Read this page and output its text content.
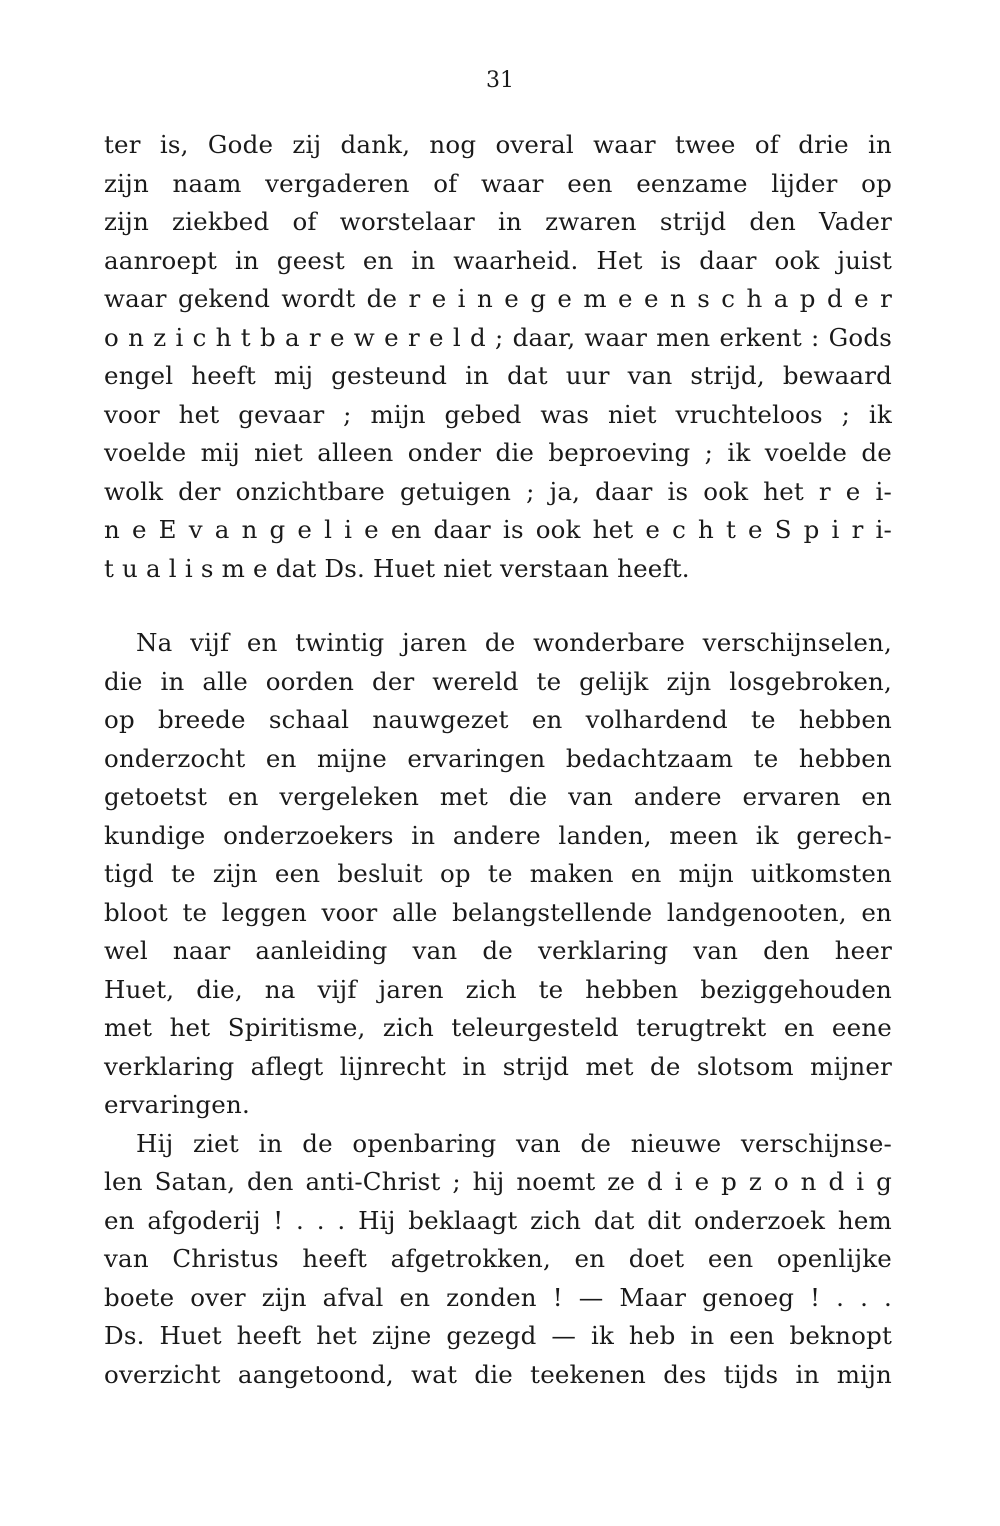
31
ter is, Gode zij dank, nog overal waar twee of drie in
zijn naam vergaderen of waar een eenzame lijder op
zijn ziekbed of worstelaar in zwaren strijd den Vader
aanroept in geest en in waarheid. Het is daar ook juist
waar gekend wordt de r e i n e g e m e e n s c h a p d e r
o n z i c h t b a r e w e r e l d ; daar, waar men erkent : Gods
engel heeft mij gesteund in dat uur van strijd, bewaard
voor het gevaar ; mijn gebed was niet vruchteloos ; ik
voelde mij niet alleen onder die beproeving ; ik voelde de
wolk der onzichtbare getuigen ; ja, daar is ook het r e i-
n e E v a n g e l i e en daar is ook het e c h t e S p i r i-
t u a l i s m e dat Ds. Huet niet verstaan heeft.
Na vijf en twintig jaren de wonderbare verschijnselen,
die in alle oorden der wereld te gelijk zijn losgebroken,
op breede schaal nauwgezet en volhardend te hebben
onderzocht en mijne ervaringen bedachtzaam te hebben
getoetst en vergeleken met die van andere ervaren en
kundige onderzoekers in andere landen, meen ik gerech-
tigd te zijn een besluit op te maken en mijn uitkomsten
bloot te leggen voor alle belangstellende landgenooten, en
wel naar aanleiding van de verklaring van den heer
Huet, die, na vijf jaren zich te hebben beziggehouden
met het Spiritisme, zich teleurgesteld terugtrekt en eene
verklaring aflegt lijnrecht in strijd met de slotsom mijner
ervaringen.
Hij ziet in de openbaring van de nieuwe verschijnse-
len Satan, den anti-Christ ; hij noemt ze d i e p z o n d i g
en afgoderij ! . . . Hij beklaagt zich dat dit onderzoek hem
van Christus heeft afgetrokken, en doet een openlijke
boete over zijn afval en zonden ! — Maar genoeg ! . . .
Ds. Huet heeft het zijne gezegd — ik heb in een beknopt
overzicht aangetoond, wat die teekenen des tijds in mijn
